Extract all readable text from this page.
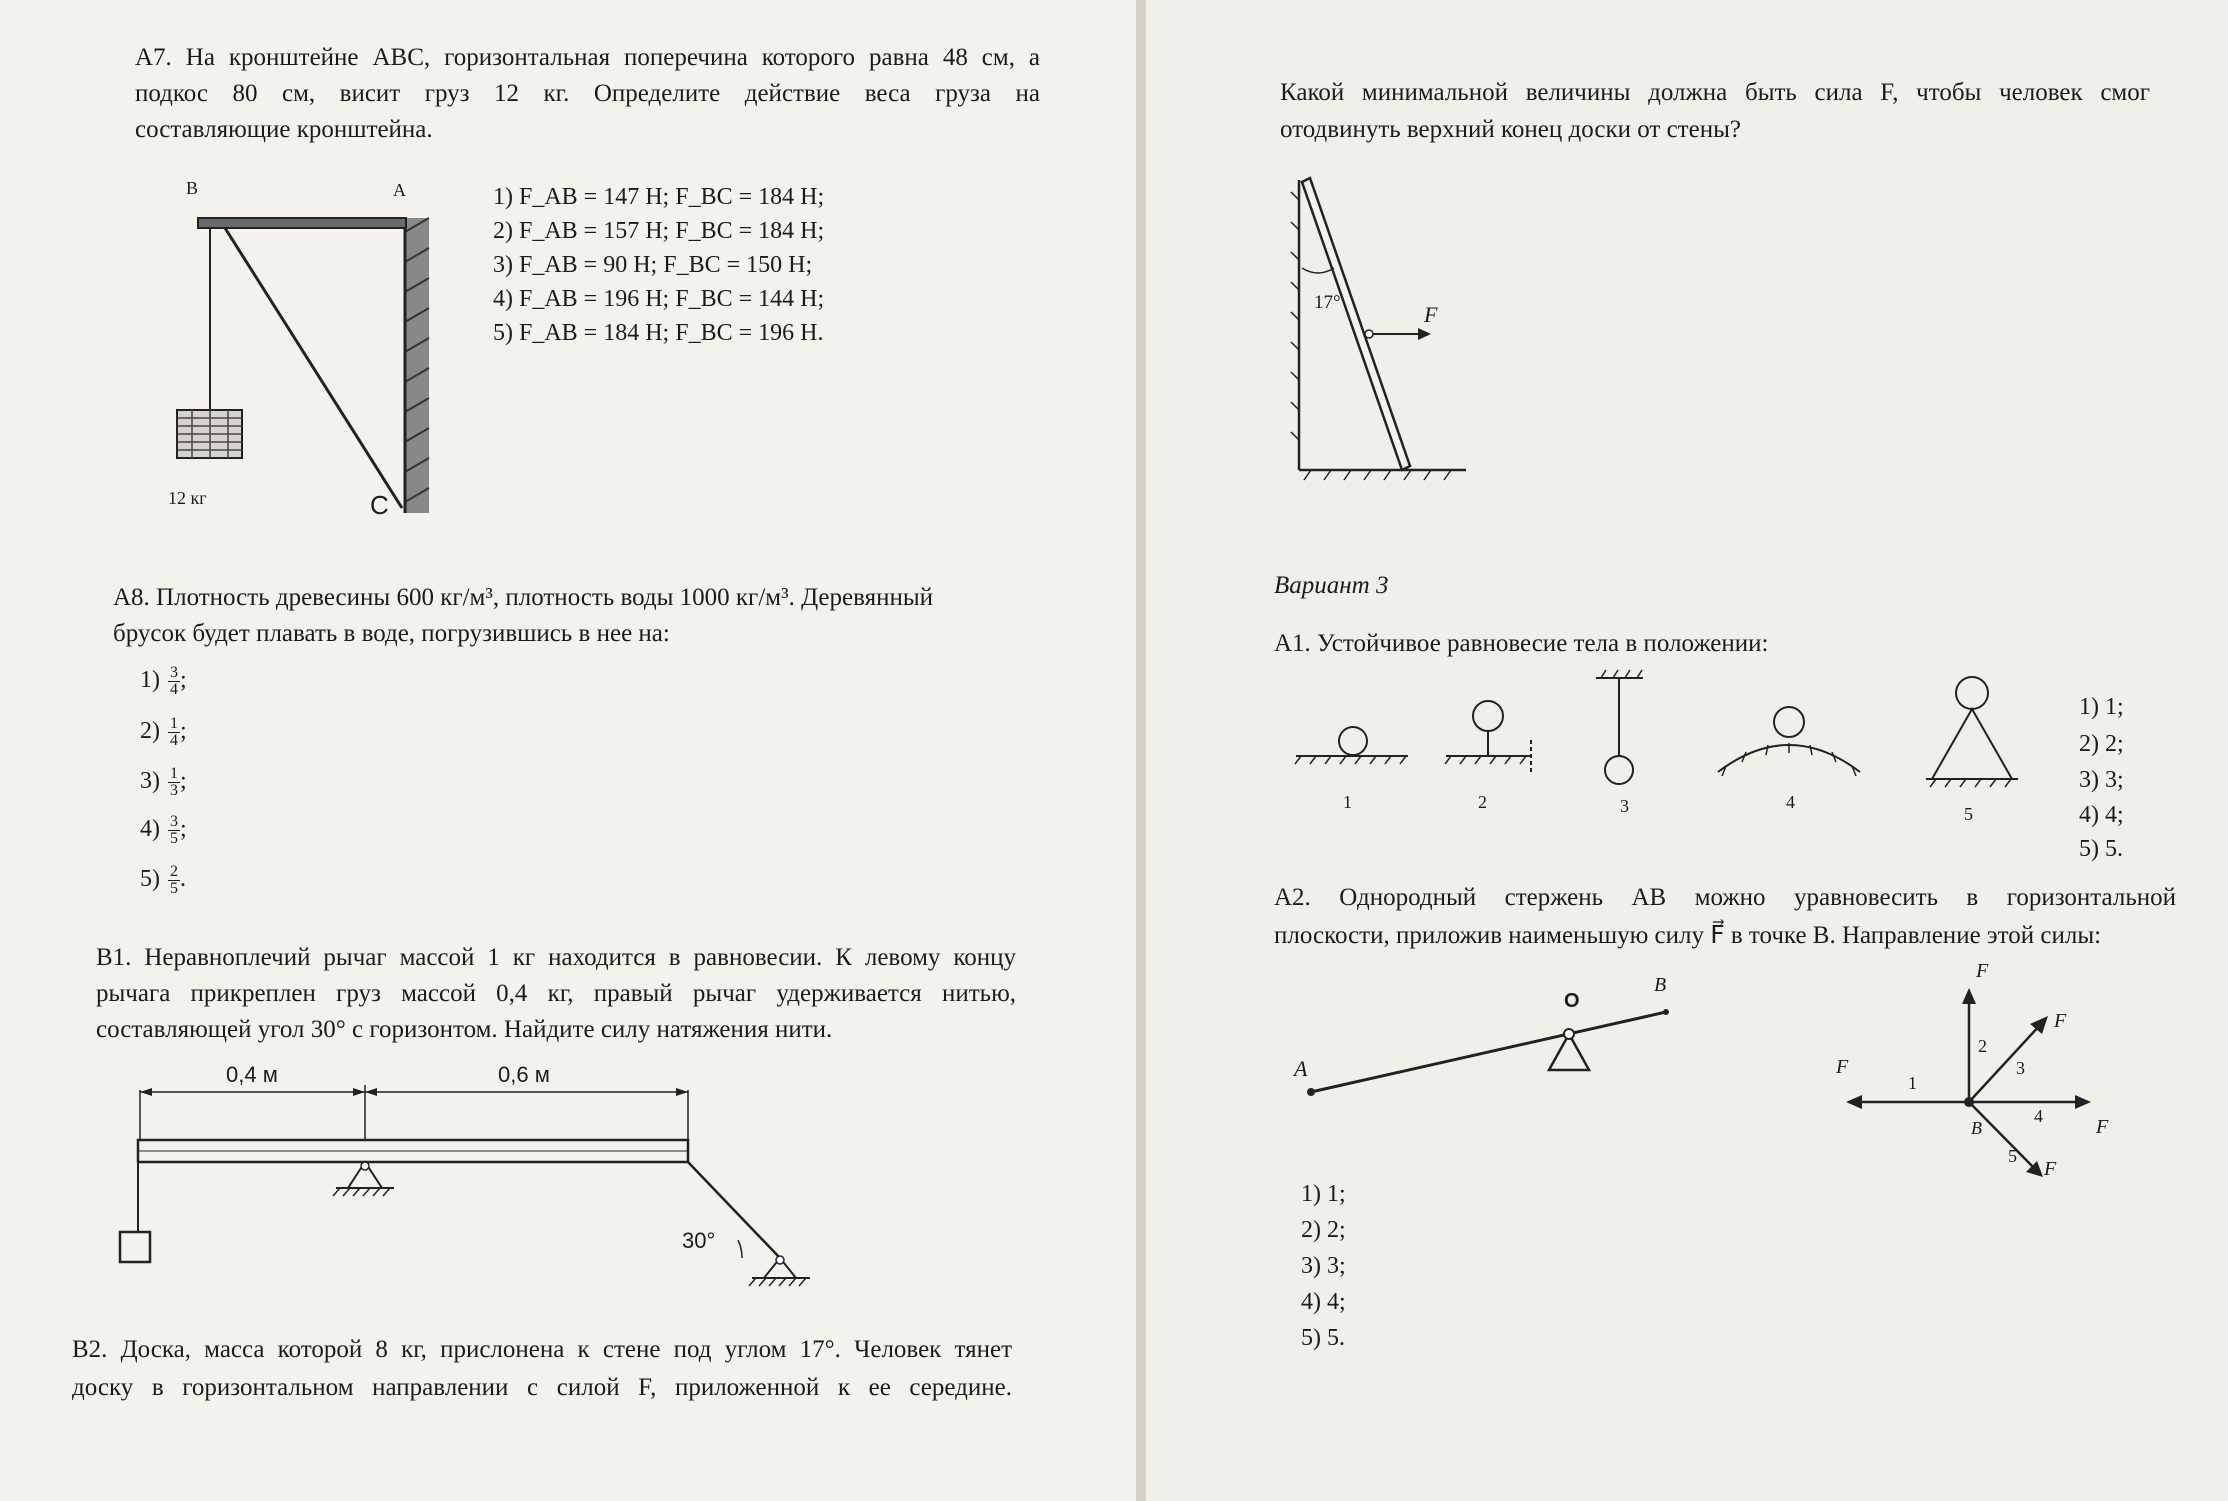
А7. На кронштейне АВС, горизонтальная поперечина которого равна 48 см, а

подкос 80 см, висит груз 12 кг. Определите действие веса груза на

составляющие кронштейна.

B	A
C
12 кг
1) F_AB = 147 Н; F_BC = 184 Н;
2) F_AB = 157 Н; F_BC = 184 Н;
3) F_AB = 90 Н; F_BC = 150 Н;
4) F_AB = 196 Н; F_BC = 144 Н;
5) F_AB = 184 Н; F_BC = 196 Н.

А8. Плотность древесины 600 кг/м³, плотность воды 1000 кг/м³. Деревянный

брусок будет плавать в воде, погрузившись в нее на:

$1) \frac{3}{4}$ ;
$2) \frac{1}{4}$ ;
$3) \frac{1}{3}$ ;
$4) \frac{3}{5}$ ;
$5) \frac{2}{5}$ .

В1. Неравноплечий рычаг массой 1 кг находится в равновесии. К левому концу

рычага прикреплен груз массой 0,4 кг, правый рычаг удерживается нитью,

составляющей угол 30° с горизонтом. Найдите силу натяжения нити.

0,4 м	0,6 м
30°

В2. Доска, масса которой 8 кг, прислонена к стене под углом 17°. Человек тянет

доску в горизонтальном направлении с силой F, приложенной к ее середине.

Какой минимальной величины должна быть сила F, чтобы человек смог

отодвинуть верхний конец доски от стены?

17°	F

Вариант 3

А1. Устойчивое равновесие тела в положении:

1	2	3	4
5
1) 1;
2) 2;
3) 3;
4) 4;
5) 5.

А2. Однородный стержень АВ можно уравновесить в горизонтальной

плоскости, приложив наименьшую силу F⃗ в точке В. Направление этой силы:

A
O
B
B
1
2
3
4
5
F⃗
F⃗
F⃗
F⃗
F⃗
1) 1;
2) 2;
3) 3;
4) 4;
5) 5.
